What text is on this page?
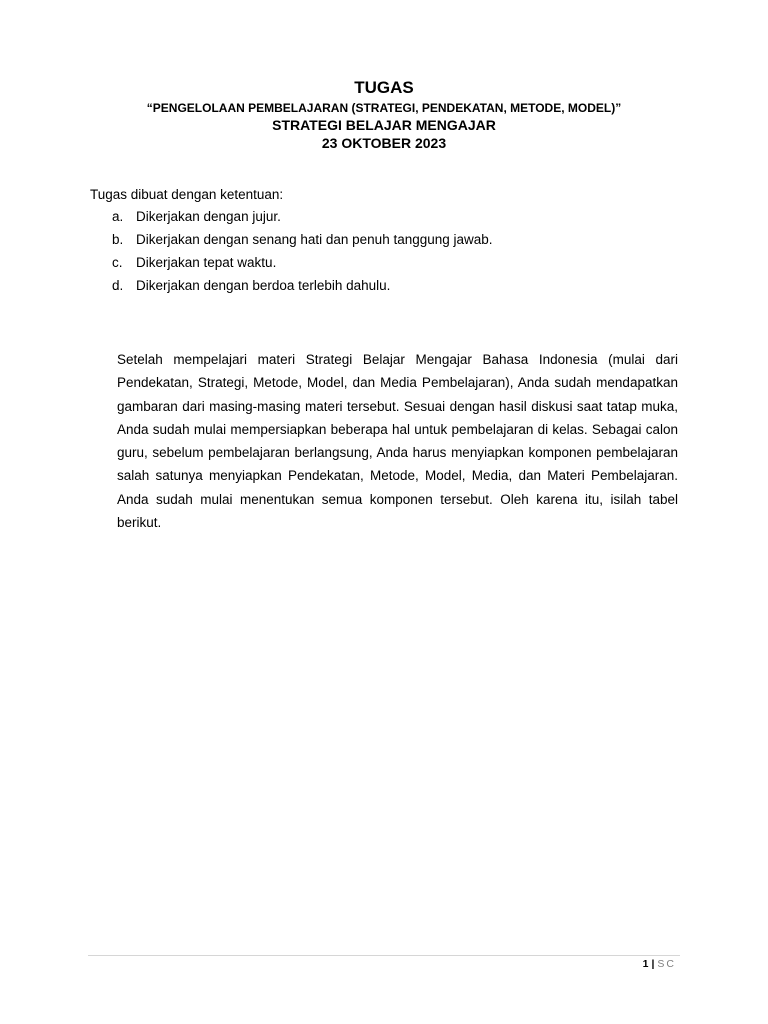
TUGAS
“PENGELOLAAN PEMBELAJARAN (STRATEGI, PENDEKATAN, METODE, MODEL)”
STRATEGI BELAJAR MENGAJAR
23 OKTOBER 2023

Tugas dibuat dengan ketentuan:

a. Dikerjakan dengan jujur.
b. Dikerjakan dengan senang hati dan penuh tanggung jawab.
c. Dikerjakan tepat waktu.
d. Dikerjakan dengan berdoa terlebih dahulu.

Setelah mempelajari materi Strategi Belajar Mengajar Bahasa Indonesia (mulai dari Pendekatan, Strategi, Metode, Model, dan Media Pembelajaran), Anda sudah mendapatkan gambaran dari masing-masing materi tersebut. Sesuai dengan hasil diskusi saat tatap muka, Anda sudah mulai mempersiapkan beberapa hal untuk pembelajaran di kelas. Sebagai calon guru, sebelum pembelajaran berlangsung, Anda harus menyiapkan komponen pembelajaran salah satunya menyiapkan Pendekatan, Metode, Model, Media, dan Materi Pembelajaran. Anda sudah mulai menentukan semua komponen tersebut. Oleh karena itu, isilah tabel berikut.

1 | SC
